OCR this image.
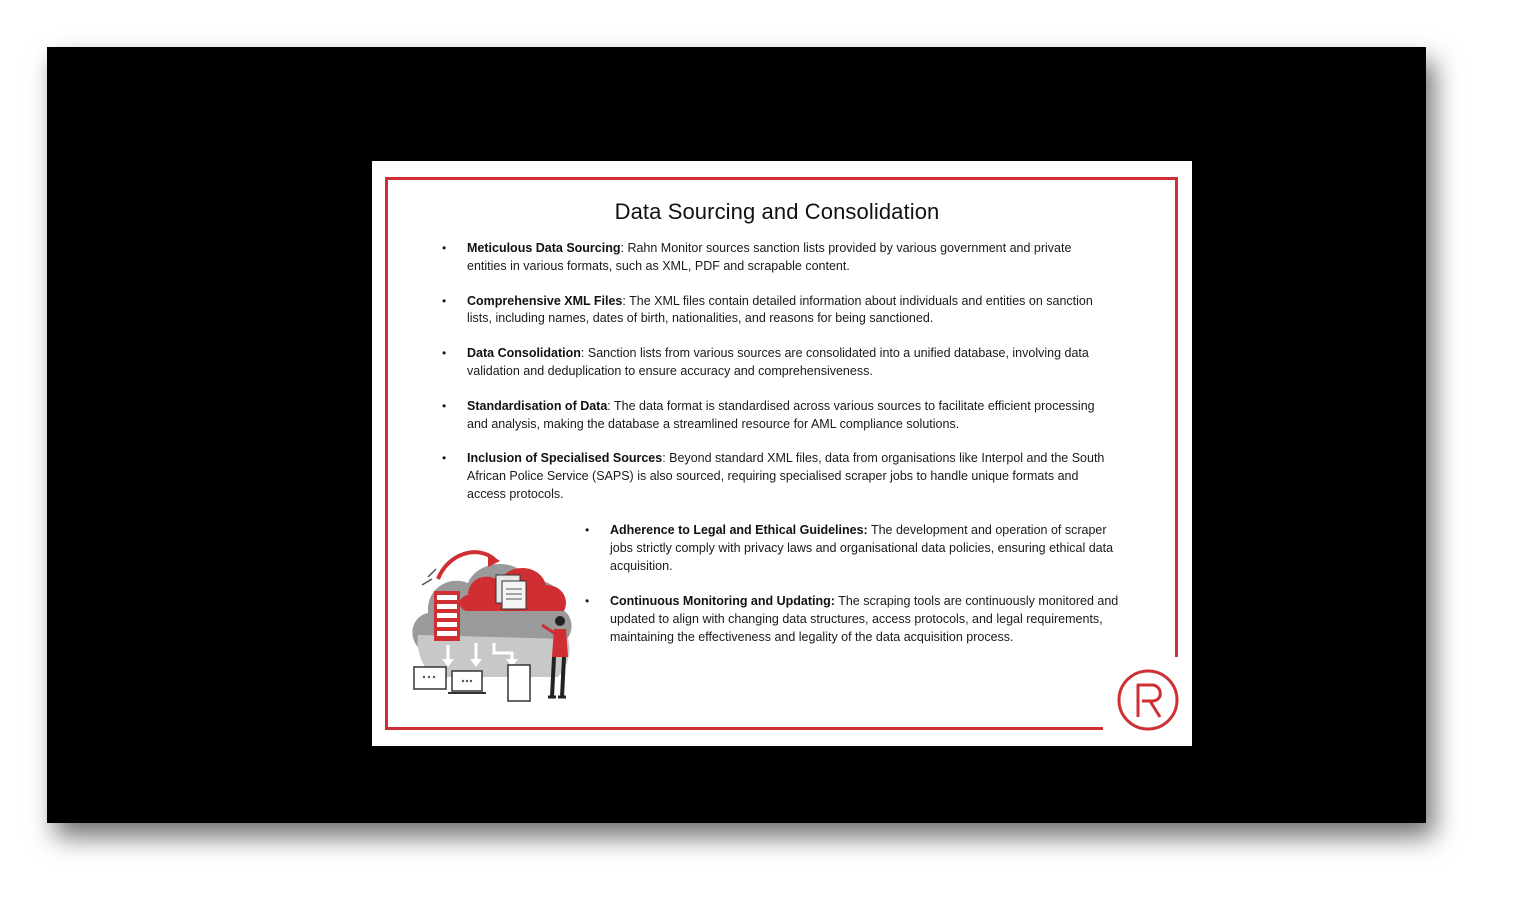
Data Sourcing and Consolidation
• Meticulous Data Sourcing: Rahn Monitor sources sanction lists provided by various government and private entities in various formats, such as XML, PDF and scrapable content.
• Comprehensive XML Files: The XML files contain detailed information about individuals and entities on sanction lists, including names, dates of birth, nationalities, and reasons for being sanctioned.
• Data Consolidation: Sanction lists from various sources are consolidated into a unified database, involving data validation and deduplication to ensure accuracy and comprehensiveness.
• Standardisation of Data: The data format is standardised across various sources to facilitate efficient processing and analysis, making the database a streamlined resource for AML compliance solutions.
• Inclusion of Specialised Sources: Beyond standard XML files, data from organisations like Interpol and the South African Police Service (SAPS) is also sourced, requiring specialised scraper jobs to handle unique formats and access protocols.
• Adherence to Legal and Ethical Guidelines: The development and operation of scraper jobs strictly comply with privacy laws and organisational data policies, ensuring ethical data acquisition.
• Continuous Monitoring and Updating: The scraping tools are continuously monitored and updated to align with changing data structures, access protocols, and legal requirements, maintaining the effectiveness and legality of the data acquisition process.
